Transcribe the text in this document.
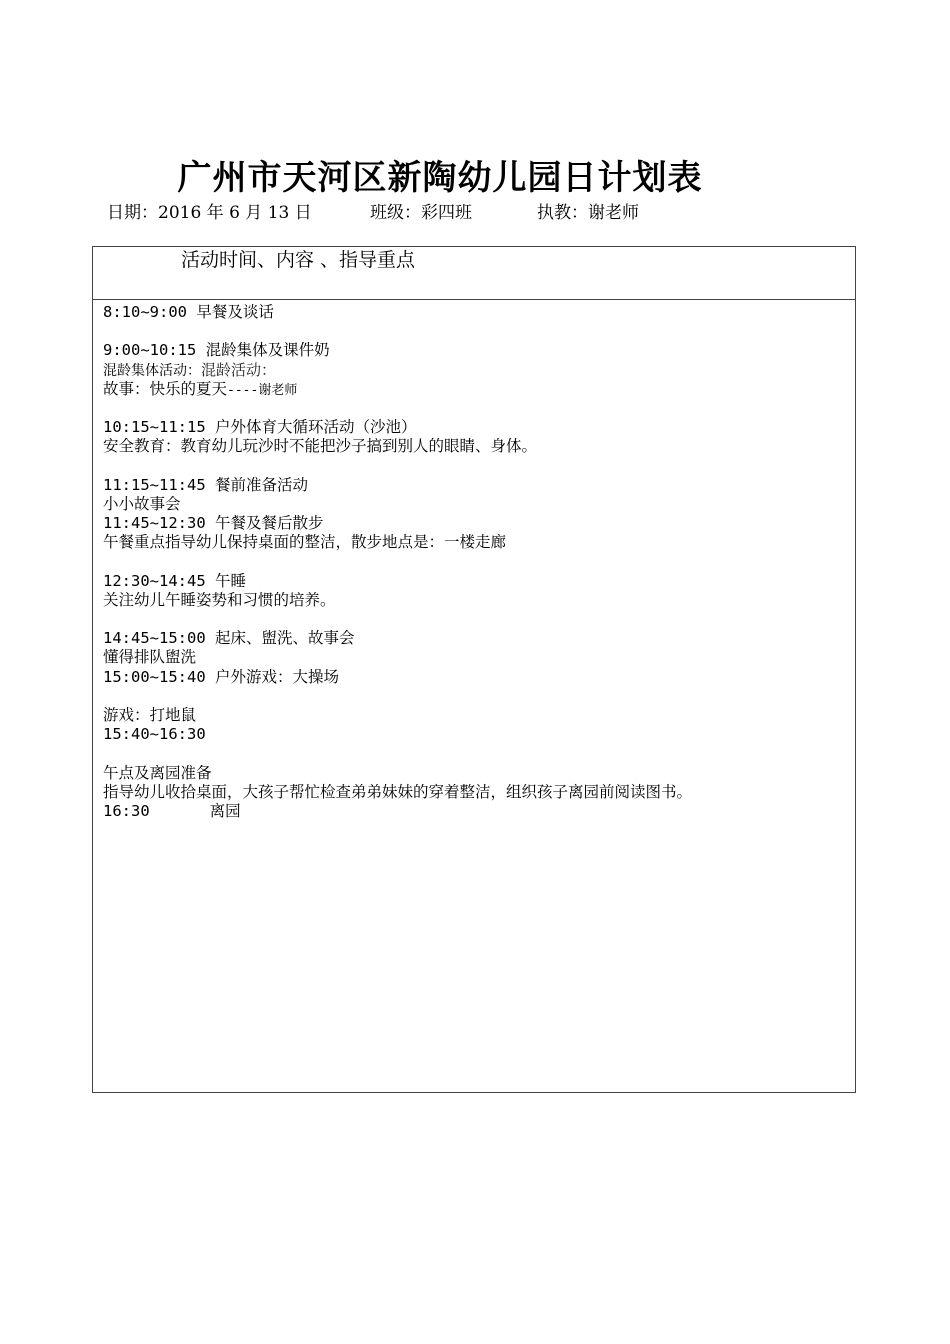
广州市天河区新陶幼儿园日计划表
日期：2016 年 6 月 13 日	班级：彩四班	执教：谢老师
活动时间、内容 、指导重点
8:10~9:00 早餐及谈话
9:00~10:15 混龄集体及课件奶
混龄集体活动：混龄活动：
故事：快乐的夏天----谢老师
10:15~11:15 户外体育大循环活动（沙池）
安全教育：教育幼儿玩沙时不能把沙子搞到别人的眼睛、身体。
11:15~11:45 餐前准备活动
小小故事会
11:45~12:30 午餐及餐后散步
午餐重点指导幼儿保持桌面的整洁，散步地点是：一楼走廊
12:30~14:45 午睡
关注幼儿午睡姿势和习惯的培养。
14:45~15:00 起床、盥洗、故事会
懂得排队盥洗
15:00~15:40 户外游戏：大操场
游戏：打地鼠
15:40~16:30
午点及离园准备
指导幼儿收拾桌面，大孩子帮忙检查弟弟妹妹的穿着整洁，组织孩子离园前阅读图书。
16:30	离园
